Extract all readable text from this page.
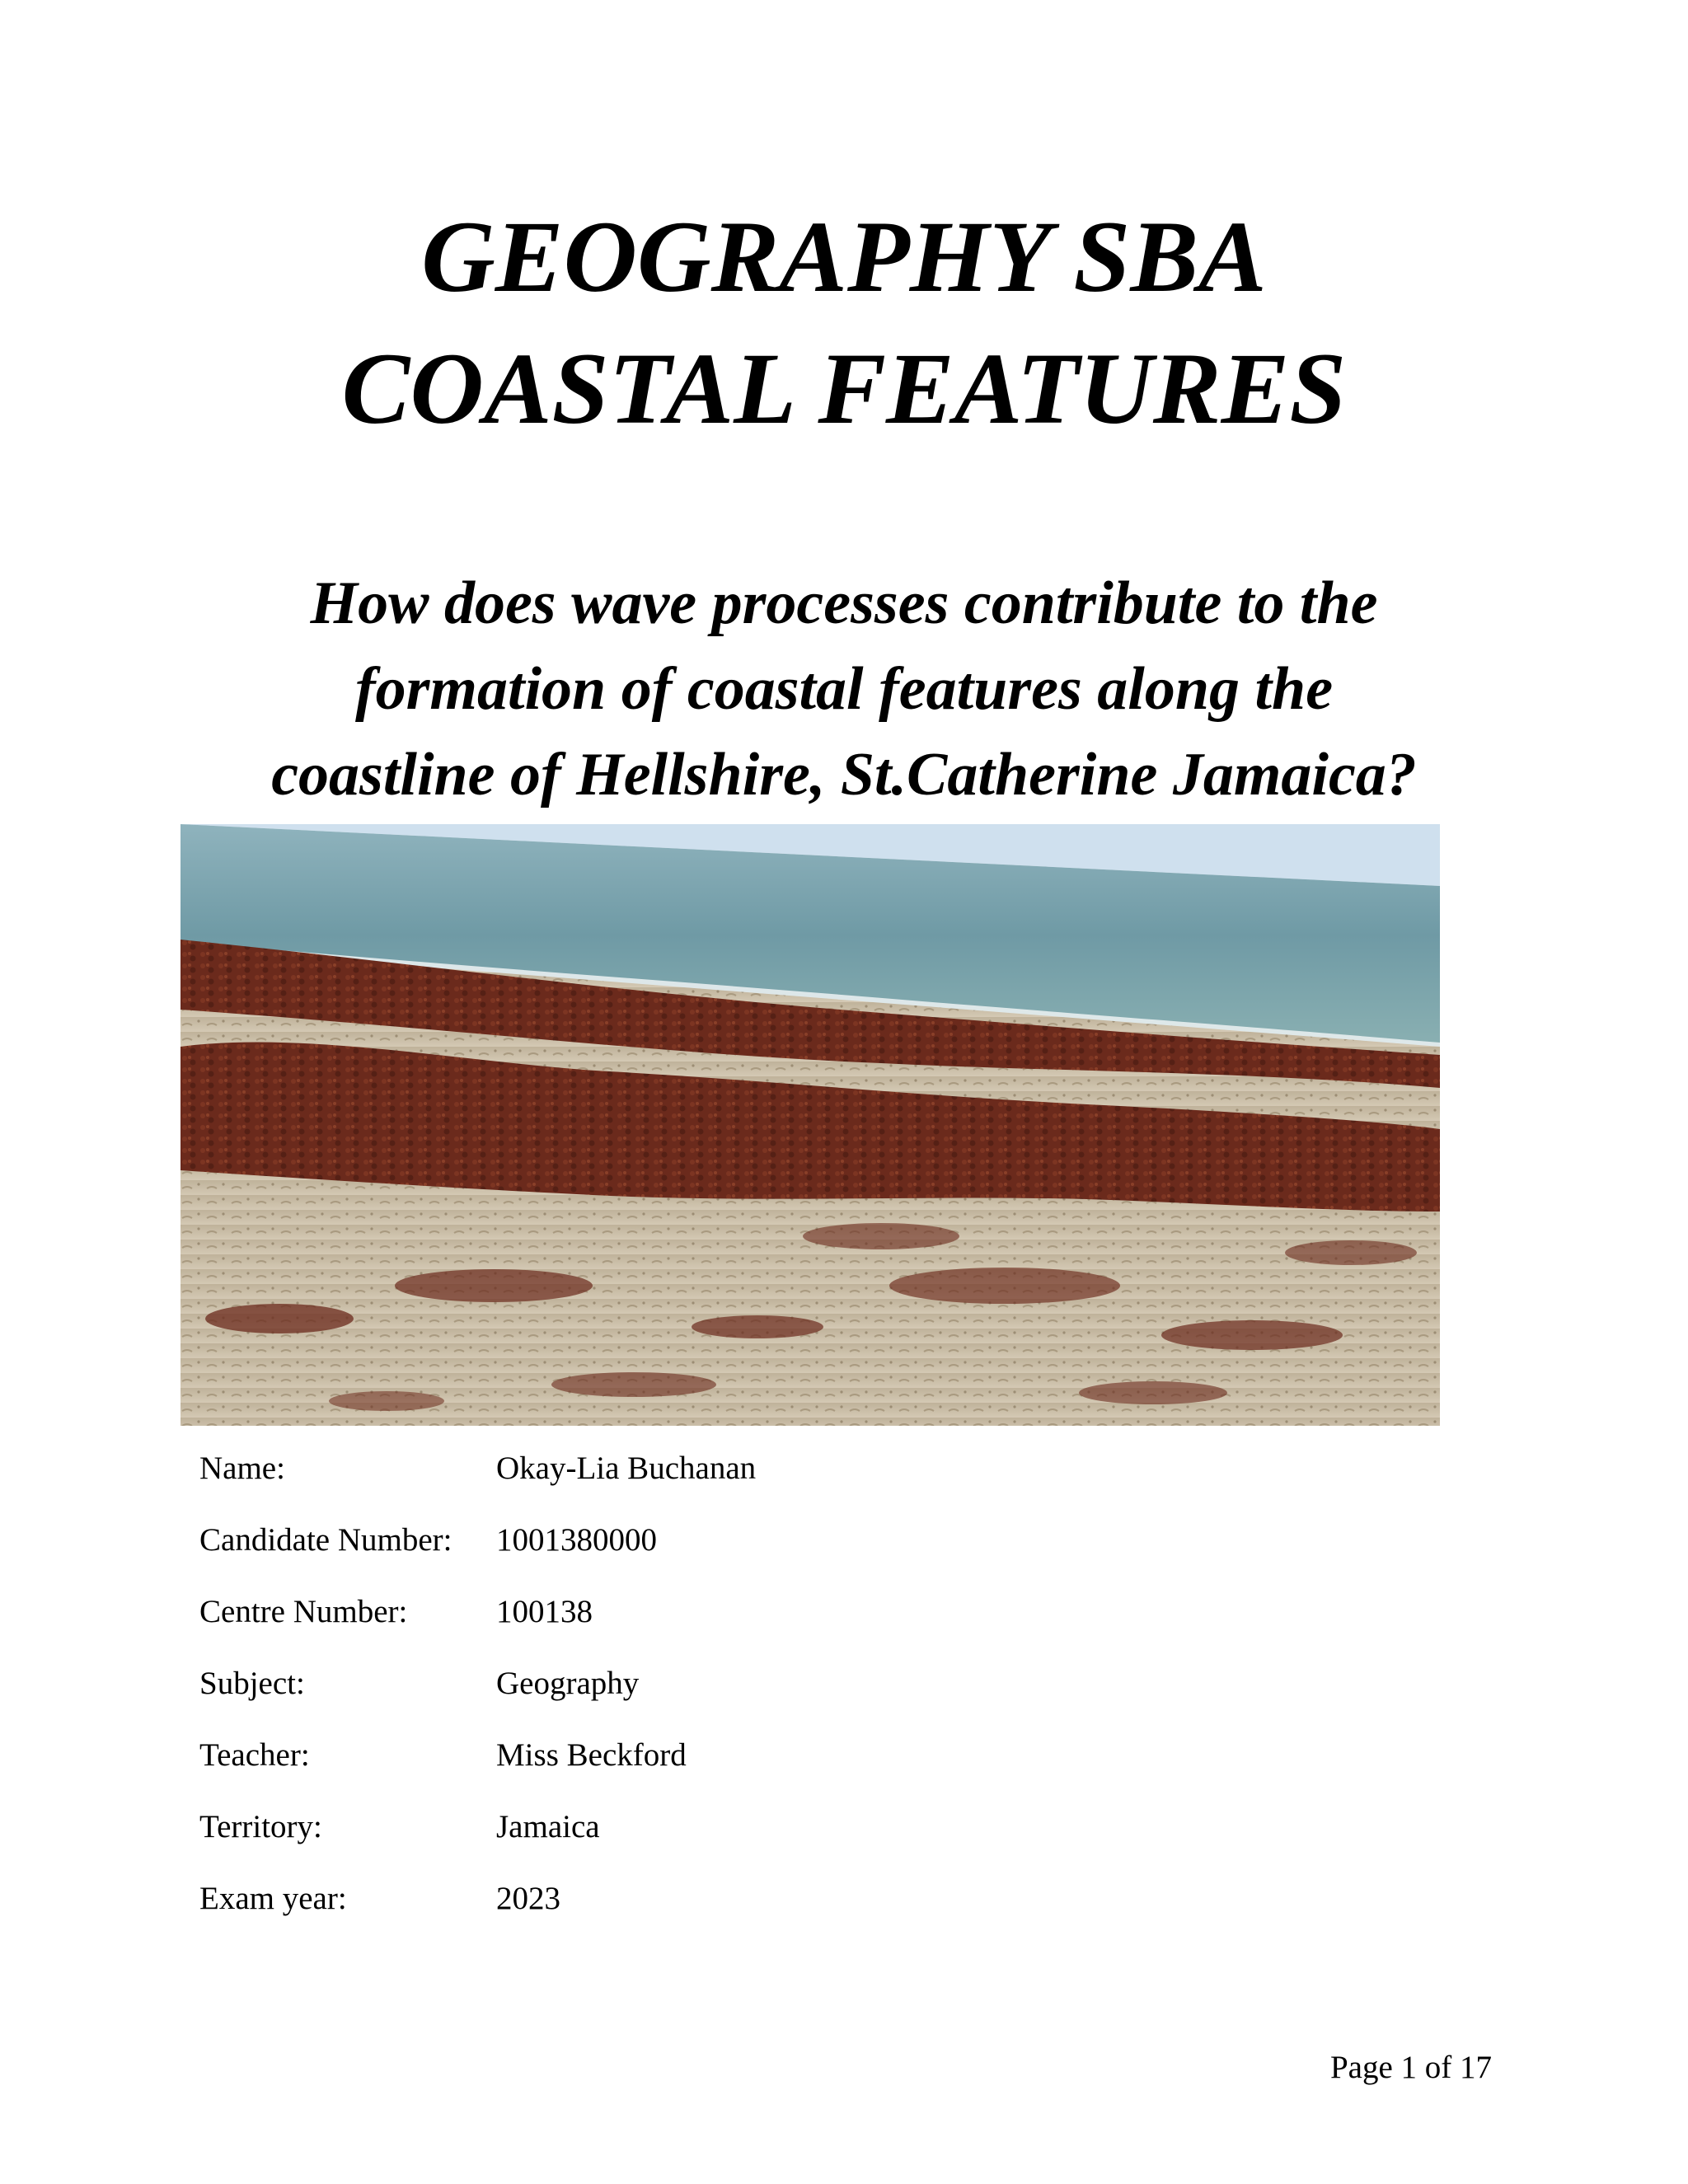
GEOGRAPHY SBA
COASTAL FEATURES
How does wave processes contribute to the
formation of coastal features along the
coastline of Hellshire, St.Catherine Jamaica?
Name:	Okay-Lia Buchanan
Candidate Number: 1001380000
Centre Number:	100138
Subject:	Geography
Teacher:	Miss Beckford
Territory:	Jamaica
Exam year:	2023
Page 1 of 17
